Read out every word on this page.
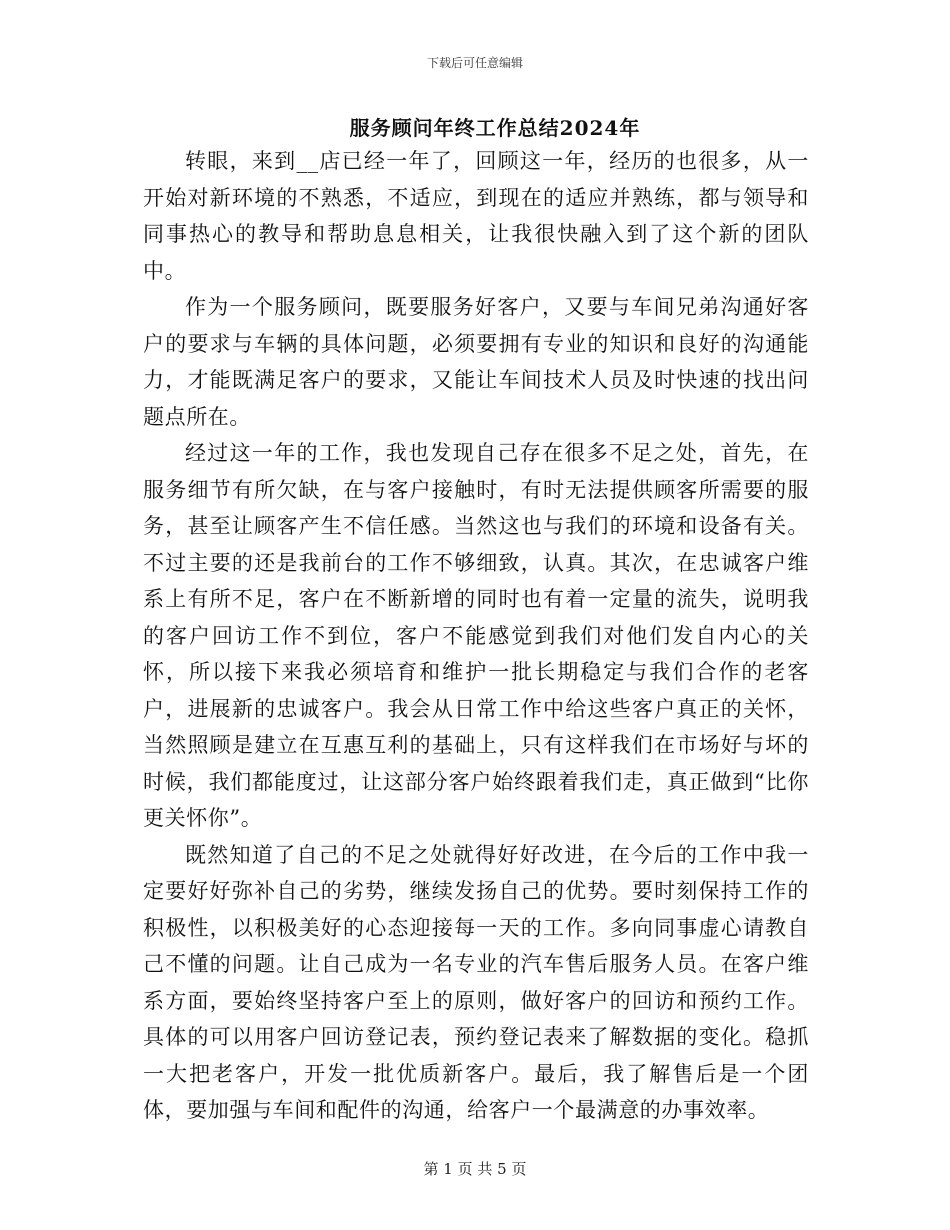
下载后可任意编辑
服务顾问年终工作总结2024年

转眼，来到__店已经一年了，回顾这一年，经历的也很多，从一开始对新环境的不熟悉，不适应，到现在的适应并熟练，都与领导和同事热心的教导和帮助息息相关，让我很快融入到了这个新的团队中。

作为一个服务顾问，既要服务好客户，又要与车间兄弟沟通好客户的要求与车辆的具体问题，必须要拥有专业的知识和良好的沟通能力，才能既满足客户的要求，又能让车间技术人员及时快速的找出问题点所在。

经过这一年的工作，我也发现自己存在很多不足之处，首先，在服务细节有所欠缺，在与客户接触时，有时无法提供顾客所需要的服务，甚至让顾客产生不信任感。当然这也与我们的环境和设备有关。不过主要的还是我前台的工作不够细致，认真。其次，在忠诚客户维系上有所不足，客户在不断新增的同时也有着一定量的流失，说明我的客户回访工作不到位，客户不能感觉到我们对他们发自内心的关怀，所以接下来我必须培育和维护一批长期稳定与我们合作的老客户，进展新的忠诚客户。我会从日常工作中给这些客户真正的关怀，当然照顾是建立在互惠互利的基础上，只有这样我们在市场好与坏的时候，我们都能度过，让这部分客户始终跟着我们走，真正做到“比你更关怀你”。

既然知道了自己的不足之处就得好好改进，在今后的工作中我一定要好好弥补自己的劣势，继续发扬自己的优势。要时刻保持工作的积极性，以积极美好的心态迎接每一天的工作。多向同事虚心请教自己不懂的问题。让自己成为一名专业的汽车售后服务人员。在客户维系方面，要始终坚持客户至上的原则，做好客户的回访和预约工作。具体的可以用客户回访登记表，预约登记表来了解数据的变化。稳抓一大把老客户，开发一批优质新客户。最后，我了解售后是一个团体，要加强与车间和配件的沟通，给客户一个最满意的办事效率。

第 1 页 共 5 页
